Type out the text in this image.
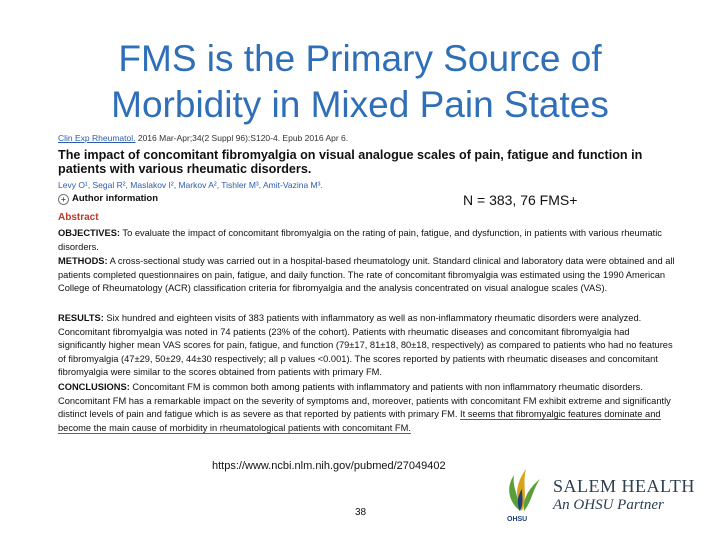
FMS is the Primary Source of
Morbidity in Mixed Pain States
Clin Exp Rheumatol. 2016 Mar-Apr;34(2 Suppl 96):S120-4. Epub 2016 Apr 6.
The impact of concomitant fibromyalgia on visual analogue scales of pain, fatigue and function in patients with various rheumatic disorders.
Levy O¹, Segal R², Maslakov I², Markov A², Tishler M³, Amit-Vazina M³.
+ Author information	N = 383, 76 FMS+
Abstract
OBJECTIVES: To evaluate the impact of concomitant fibromyalgia on the rating of pain, fatigue, and dysfunction, in patients with various rheumatic disorders.
METHODS: A cross-sectional study was carried out in a hospital-based rheumatology unit. Standard clinical and laboratory data were obtained and all patients completed questionnaires on pain, fatigue, and daily function. The rate of concomitant fibromyalgia was estimated using the 1990 American College of Rheumatology (ACR) classification criteria for fibromyalgia and the analysis concentrated on visual analogue scales (VAS).
RESULTS: Six hundred and eighteen visits of 383 patients with inflammatory as well as non-inflammatory rheumatic disorders were analyzed. Concomitant fibromyalgia was noted in 74 patients (23% of the cohort). Patients with rheumatic diseases and concomitant fibromyalgia had significantly higher mean VAS scores for pain, fatigue, and function (79±17, 81±18, 80±18, respectively) as compared to patients who had no features of fibromyalgia (47±29, 50±29, 44±30 respectively; all p values <0.001). The scores reported by patients with rheumatic diseases and concomitant fibromyalgia were similar to the scores obtained from patients with primary FM.
CONCLUSIONS: Concomitant FM is common both among patients with inflammatory and patients with non inflammatory rheumatic disorders. Concomitant FM has a remarkable impact on the severity of symptoms and, moreover, patients with concomitant FM exhibit extreme and significantly distinct levels of pain and fatigue which is as severe as that reported by patients with primary FM. It seems that fibromyalgic features dominate and become the main cause of morbidity in rheumatological patients with concomitant FM.
https://www.ncbi.nlm.nih.gov/pubmed/27049402
38
OHSU
SALEM HEALTH
An OHSU Partner
